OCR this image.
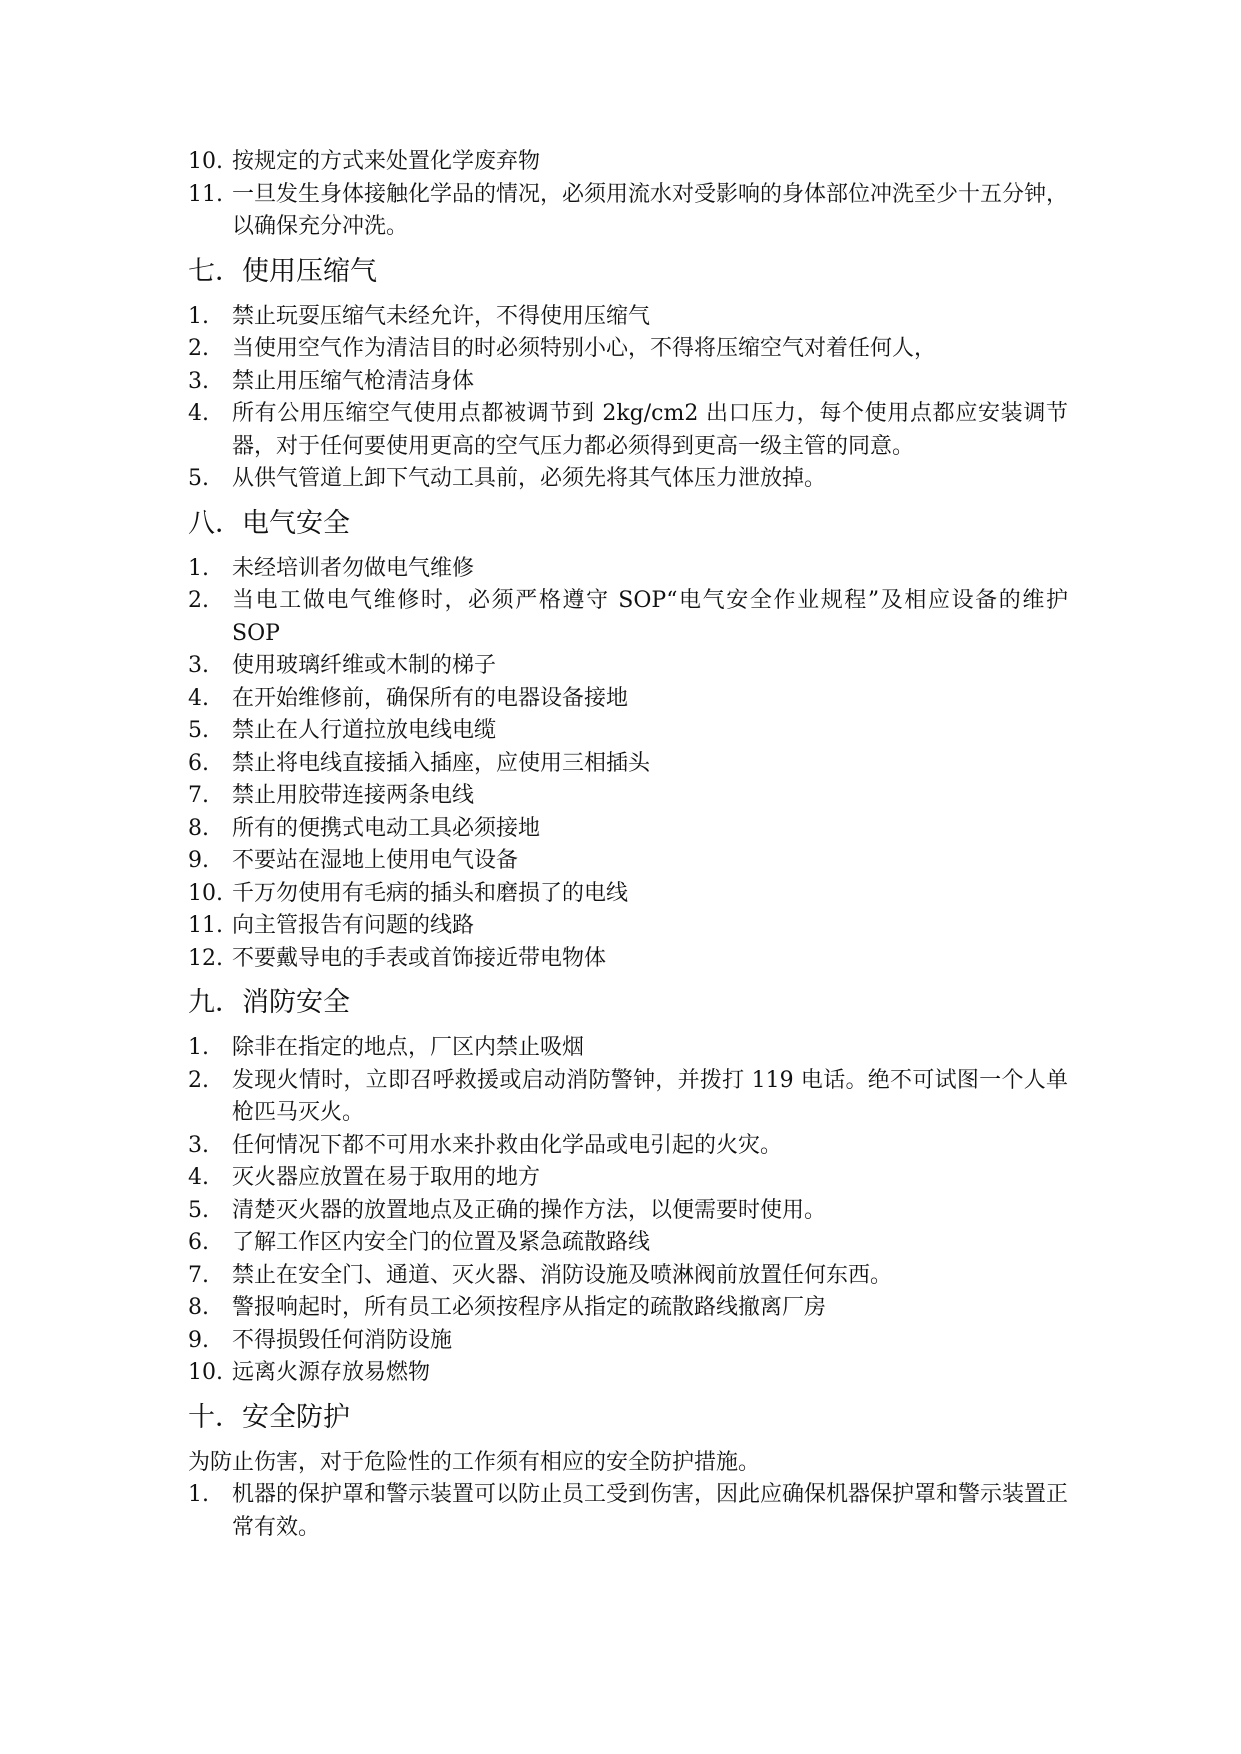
10. 按规定的方式来处置化学废弃物
11. 一旦发生身体接触化学品的情况，必须用流水对受影响的身体部位冲洗至少十五分钟，以确保充分冲洗。
七．使用压缩气
1.	禁止玩耍压缩气未经允许，不得使用压缩气
2.	当使用空气作为清洁目的时必须特别小心，不得将压缩空气对着任何人，
3.	禁止用压缩气枪清洁身体
4.	所有公用压缩空气使用点都被调节到 2kg/cm2 出口压力，每个使用点都应安装调节器，对于任何要使用更高的空气压力都必须得到更高一级主管的同意。
5.	从供气管道上卸下气动工具前，必须先将其气体压力泄放掉。
八．电气安全
1.	未经培训者勿做电气维修
2.	当电工做电气维修时，必须严格遵守 SOP“电气安全作业规程”及相应设备的维护 SOP
3.	使用玻璃纤维或木制的梯子
4.	在开始维修前，确保所有的电器设备接地
5.	禁止在人行道拉放电线电缆
6.	禁止将电线直接插入插座，应使用三相插头
7.	禁止用胶带连接两条电线
8.	所有的便携式电动工具必须接地
9.	不要站在湿地上使用电气设备
10. 千万勿使用有毛病的插头和磨损了的电线
11. 向主管报告有问题的线路
12. 不要戴导电的手表或首饰接近带电物体
九．消防安全
1.	除非在指定的地点，厂区内禁止吸烟
2.	发现火情时，立即召呼救援或启动消防警钟，并拨打 119 电话。绝不可试图一个人单枪匹马灭火。
3.	任何情况下都不可用水来扑救由化学品或电引起的火灾。
4.	灭火器应放置在易于取用的地方
5.	清楚灭火器的放置地点及正确的操作方法，以便需要时使用。
6.	了解工作区内安全门的位置及紧急疏散路线
7.	禁止在安全门、通道、灭火器、消防设施及喷淋阀前放置任何东西。
8.	警报响起时，所有员工必须按程序从指定的疏散路线撤离厂房
9.	不得损毁任何消防设施
10. 远离火源存放易燃物
十．安全防护

为防止伤害，对于危险性的工作须有相应的安全防护措施。

1.	机器的保护罩和警示装置可以防止员工受到伤害，因此应确保机器保护罩和警示装置正常有效。
